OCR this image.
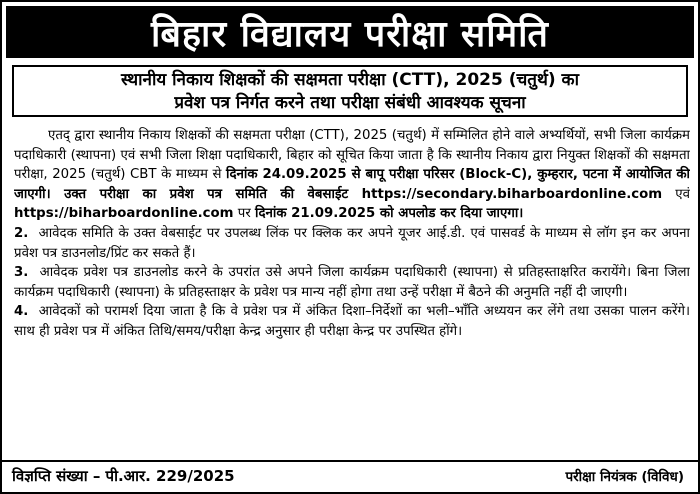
बिहार विद्यालय परीक्षा समिति
स्थानीय निकाय शिक्षकों की सक्षमता परीक्षा (CTT), 2025 (चतुर्थ) का
प्रवेश पत्र निर्गत करने तथा परीक्षा संबंधी आवश्यक सूचना

एतद् द्वारा स्थानीय निकाय शिक्षकों की सक्षमता परीक्षा (CTT), 2025 (चतुर्थ) में सम्मिलित होने वाले अभ्यर्थियों, सभी जिला कार्यक्रम पदाधिकारी (स्थापना) एवं सभी जिला शिक्षा पदाधिकारी, बिहार को सूचित किया जाता है कि स्थानीय निकाय द्वारा नियुक्त शिक्षकों की सक्षमता परीक्षा, 2025 (चतुर्थ) CBT के माध्यम से दिनांक 24.09.2025 से बापू परीक्षा परिसर (Block-C), कुम्हरार, पटना में आयोजित की जाएगी। उक्त परीक्षा का प्रवेश पत्र समिति की वेबसाईट https://secondary.biharboardonline.com एवं https://biharboardonline.com पर दिनांक 21.09.2025 को अपलोड कर दिया जाएगा।

2. आवेदक समिति के उक्त वेबसाईट पर उपलब्ध लिंक पर क्लिक कर अपने यूजर आई.डी. एवं पासवर्ड के माध्यम से लॉग इन कर अपना प्रवेश पत्र डाउनलोड/प्रिंट कर सकते हैं।

3. आवेदक प्रवेश पत्र डाउनलोड करने के उपरांत उसे अपने जिला कार्यक्रम पदाधिकारी (स्थापना) से प्रतिहस्ताक्षरित करायेंगे। बिना जिला कार्यक्रम पदाधिकारी (स्थापना) के प्रतिहस्ताक्षर के प्रवेश पत्र मान्य नहीं होगा तथा उन्हें परीक्षा में बैठने की अनुमति नहीं दी जाएगी।

4. आवेदकों को परामर्श दिया जाता है कि वे प्रवेश पत्र में अंकित दिशा–निर्देशों का भली–भाँति अध्ययन कर लेंगे तथा उसका पालन करेंगे। साथ ही प्रवेश पत्र में अंकित तिथि/समय/परीक्षा केन्द्र अनुसार ही परीक्षा केन्द्र पर उपस्थित होंगे।

विज्ञप्ति संख्या – पी.आर. 229/2025	परीक्षा नियंत्रक (विविध)
